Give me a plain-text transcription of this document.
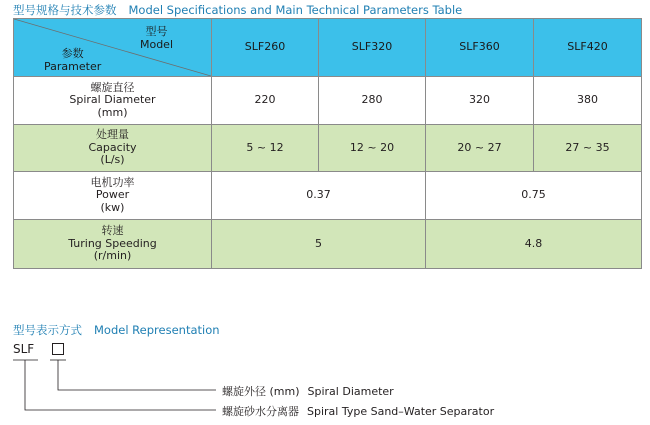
型号规格与技术参数 Model Specifications and Main Technical Parameters Table
型号
Model
参数
Parameter	SLF260	SLF320	SLF360	SLF420

螺旋直径
Spiral Diameter
(mm)	220	280	320	380

处理量
Capacity
(L/s)	5 ~ 12	12 ~ 20	20 ~ 27	27 ~ 35

电机功率
Power
(kw)	0.37		0.75	

转速
Turing Speeding
(r/min)	5		4.8	
型号表示方式 Model Representation
SLF
螺旋外径 (mm) Spiral Diameter
螺旋砂水分离器 Spiral Type Sand–Water Separator
